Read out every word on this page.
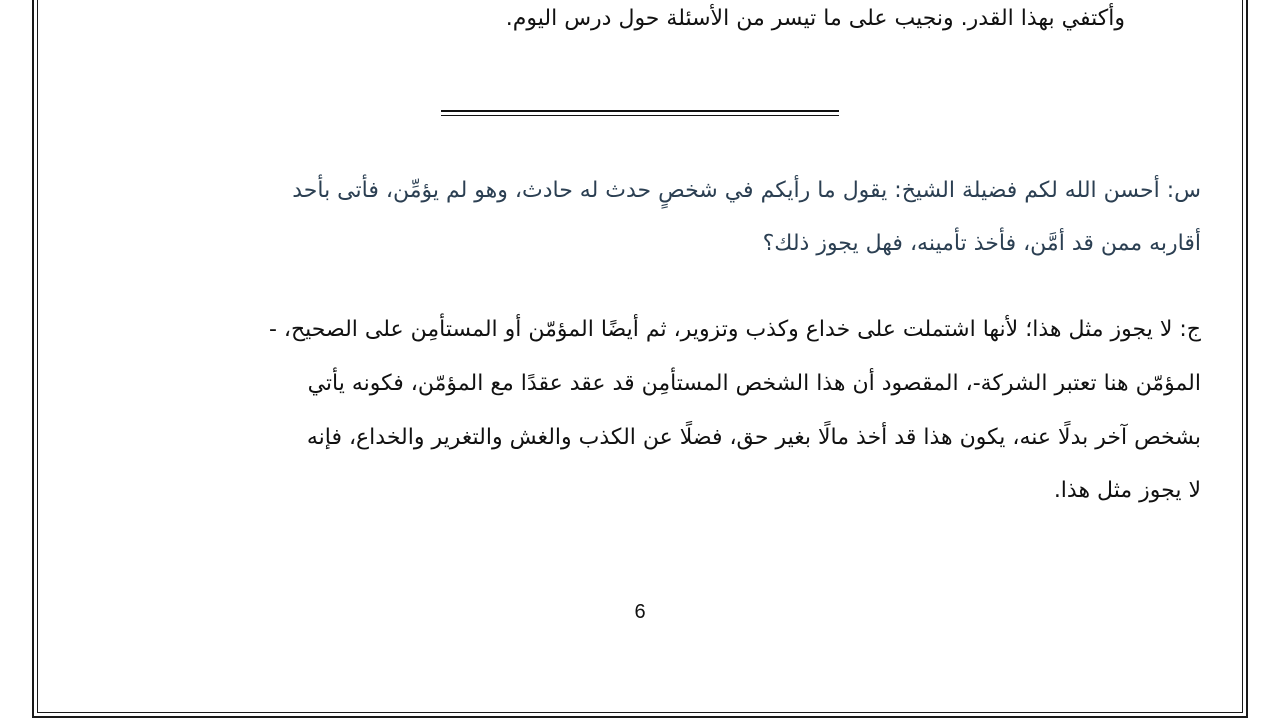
وأكتفي بهذا القدر. ونجيب على ما تيسر من الأسئلة حول درس اليوم.
س: أحسن الله لكم فضيلة الشيخ: يقول ما رأيكم في شخصٍ حدث له حادث، وهو لم يؤمِّن، فأتى بأحد
أقاربه ممن قد أمَّن، فأخذ تأمينه، فهل يجوز ذلك؟
ج: لا يجوز مثل هذا؛ لأنها اشتملت على خداع وكذب وتزوير، ثم أيضًا المؤمّن أو المستأمِن على الصحيح، -
المؤمّن هنا تعتبر الشركة-، المقصود أن هذا الشخص المستأمِن قد عقد عقدًا مع المؤمّن، فكونه يأتي
بشخص آخر بدلًا عنه، يكون هذا قد أخذ مالًا بغير حق، فضلًا عن الكذب والغش والتغرير والخداع، فإنه
لا يجوز مثل هذا.
6
